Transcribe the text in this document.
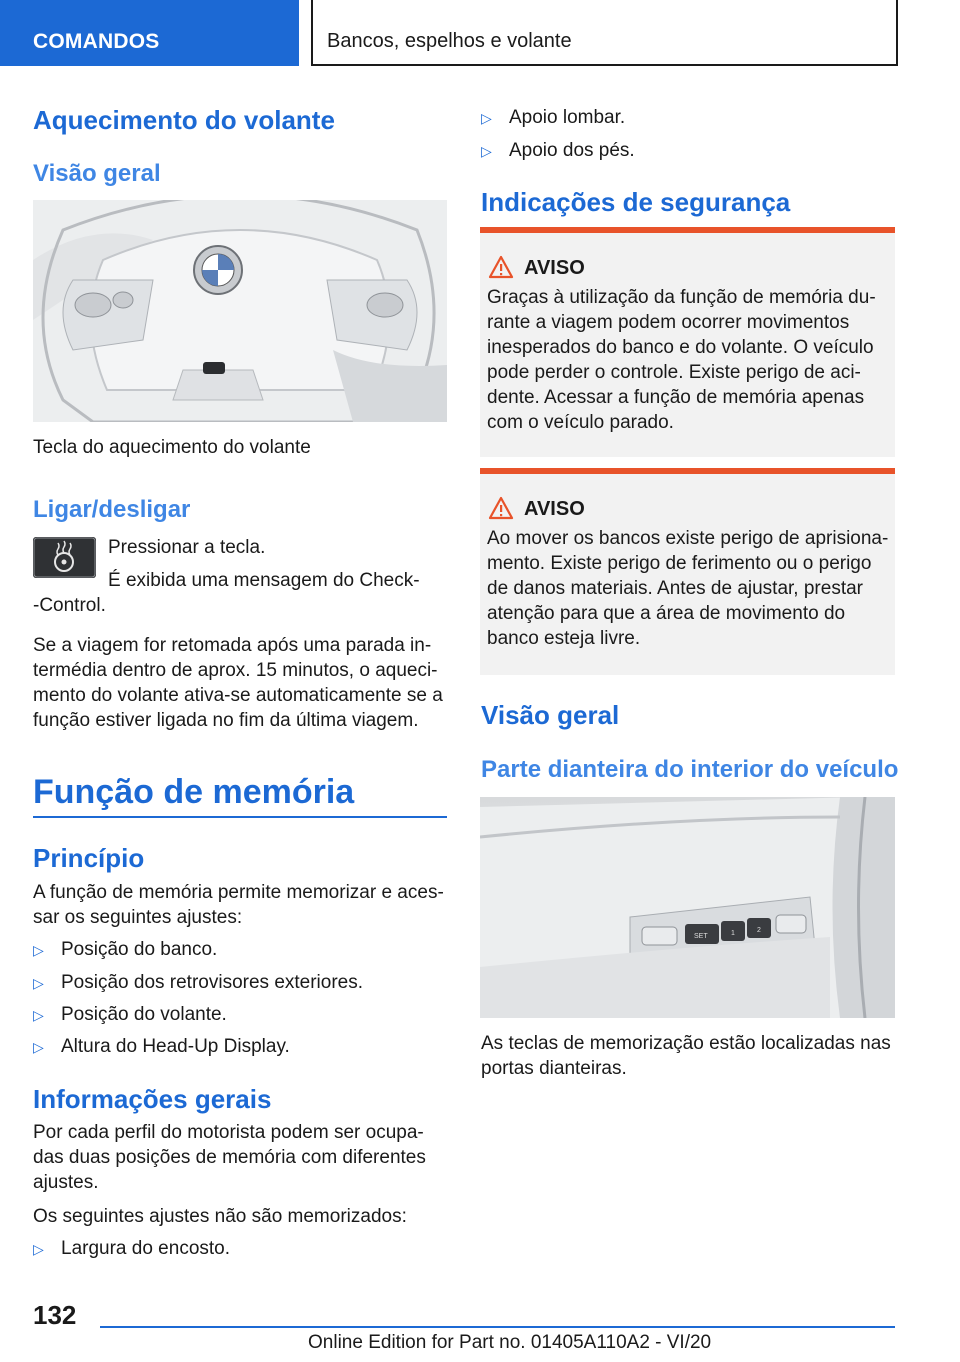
COMANDOS	Bancos, espelhos e volante
Aquecimento do volante
Visão geral
Tecla do aquecimento do volante
Ligar/desligar
Pressionar a tecla.
É exibida uma mensagem do Check‑
‑Control.
Se a viagem for retomada após uma parada in‑
termédia dentro de aprox. 15 minutos, o aqueci‑
mento do volante ativa‑se automaticamente se a
função estiver ligada no fim da última viagem.
Função de memória
Princípio
A função de memória permite memorizar e aces‑
sar os seguintes ajustes:
▷ Posição do banco.
▷ Posição dos retrovisores exteriores.
▷ Posição do volante.
▷ Altura do Head‑Up Display.
Informações gerais
Por cada perfil do motorista podem ser ocupa‑
das duas posições de memória com diferentes
ajustes.
Os seguintes ajustes não são memorizados:
▷ Largura do encosto.
▷ Apoio lombar.
▷ Apoio dos pés.
Indicações de segurança
AVISO
Graças à utilização da função de memória du‑
rante a viagem podem ocorrer movimentos
inesperados do banco e do volante. O veículo
pode perder o controle. Existe perigo de aci‑
dente. Acessar a função de memória apenas
com o veículo parado.
AVISO
Ao mover os bancos existe perigo de aprisiona‑
mento. Existe perigo de ferimento ou o perigo
de danos materiais. Antes de ajustar, prestar
atenção para que a área de movimento do
banco esteja livre.
Visão geral
Parte dianteira do interior do veículo
SET	1	2
As teclas de memorização estão localizadas nas
portas dianteiras.
132
Online Edition for Part no. 01405A110A2 - VI/20
